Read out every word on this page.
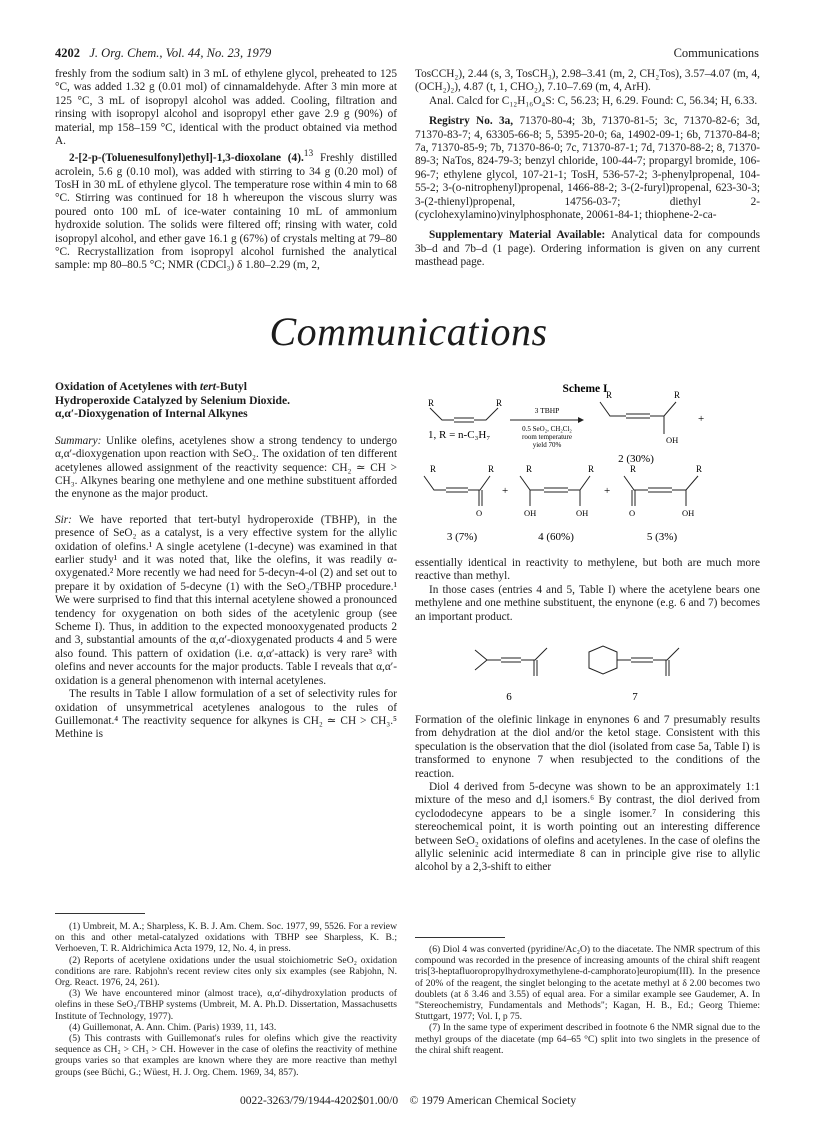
4202 J. Org. Chem., Vol. 44, No. 23, 1979	Communications

freshly from the sodium salt) in 3 mL of ethylene glycol, preheated to 125 °C, was added 1.32 g (0.01 mol) of cinnamaldehyde. After 3 min more at 125 °C, 3 mL of isopropyl alcohol was added. Cooling, filtration and rinsing with isopropyl alcohol and isopropyl ether gave 2.9 g (90%) of material, mp 158–159 °C, identical with the product obtained via method A.

2-[2-p-(Toluenesulfonyl)ethyl]-1,3-dioxolane (4).$^{13}$ Freshly distilled acrolein, 5.6 g (0.10 mol), was added with stirring to 34 g (0.20 mol) of TosH in 30 mL of ethylene glycol. The temperature rose within 4 min to 68 °C. Stirring was continued for 18 h whereupon the viscous slurry was poured onto 100 mL of ice-water containing 10 mL of ammonium hydroxide solution. The solids were filtered off; rinsing with water, cold isopropyl alcohol, and ether gave 16.1 g (67%) of crystals melting at 79–80 °C. Recrystallization from isopropyl alcohol furnished the analytical sample: mp 80–80.5 °C; NMR (CDCl₃) δ 1.80–2.29 (m, 2,

TosCCH₂), 2.44 (s, 3, TosCH₃), 2.98–3.41 (m, 2, CH₂Tos), 3.57–4.07 (m, 4, (OCH₂)₂), 4.87 (t, 1, CHO₂), 7.10–7.69 (m, 4, ArH).

Anal. Calcd for C₁₂H₁₆O₄S: C, 56.23; H, 6.29. Found: C, 56.34; H, 6.33.

Registry No. 3a, 71370-80-4; 3b, 71370-81-5; 3c, 71370-82-6; 3d, 71370-83-7; 4, 63305-66-8; 5, 5395-20-0; 6a, 14902-09-1; 6b, 71370-84-8; 7a, 71370-85-9; 7b, 71370-86-0; 7c, 71370-87-1; 7d, 71370-88-2; 8, 71370-89-3; NaTos, 824-79-3; benzyl chloride, 100-44-7; propargyl bromide, 106-96-7; ethylene glycol, 107-21-1; TosH, 536-57-2; 3-phenylpropenal, 104-55-2; 3-(o-nitrophenyl)propenal, 1466-88-2; 3-(2-furyl)propenal, 623-30-3; 3-(2-thienyl)propenal, 14756-03-7; diethyl 2-(cyclohexylamino)vinylphosphonate, 20061-84-1; thiophene-2-ca-

Supplementary Material Available: Analytical data for compounds 3b–d and 7b–d (1 page). Ordering information is given on any current masthead page.

Communications
Oxidation of Acetylenes with tert-Butyl
Hydroperoxide Catalyzed by Selenium Dioxide.
α,α′-Dioxygenation of Internal Alkynes

Summary: Unlike olefins, acetylenes show a strong tendency to undergo α,α′-dioxygenation upon reaction with SeO₂. The oxidation of ten different acetylenes allowed assignment of the reactivity sequence: CH₂ ≃ CH > CH₃. Alkynes bearing one methylene and one methine substituent afforded the enynone as the major product.

Sir: We have reported that tert-butyl hydroperoxide (TBHP), in the presence of SeO₂ as a catalyst, is a very effective system for the allylic oxidation of olefins.¹ A single acetylene (1-decyne) was examined in that earlier study¹ and it was noted that, like the olefins, it was readily α-oxygenated.² More recently we had need for 5-decyn-4-ol (2) and set out to prepare it by oxidation of 5-decyne (1) with the SeO₂/TBHP procedure.¹ We were surprised to find that this internal acetylene showed a pronounced tendency for oxygenation on both sides of the acetylenic group (see Scheme I). Thus, in addition to the expected monooxygenated products 2 and 3, substantial amounts of the α,α′-dioxygenated products 4 and 5 were also found. This pattern of oxidation (i.e. α,α′-attack) is very rare³ with olefins and never accounts for the major products. Table I reveals that α,α′-oxidation is a general phenomenon with internal acetylenes.

The results in Table I allow formulation of a set of selectivity rules for oxidation of unsymmetrical acetylenes analogous to the rules of Guillemonat.⁴ The reactivity sequence for alkynes is CH₂ ≃ CH > CH₃.⁵ Methine is

Scheme I
R	R
1, R = n-C₃H₇
3 TBHP
0.5 SeO₂, CH₂Cl₂
room temperature
yield 70%
R	R
OH
+
2 (30%)
R	R
O
+
3 (7%)
R	R
OH	OH
+
4 (60%)
R	R
O	OH
5 (3%)

essentially identical in reactivity to methylene, but both are much more reactive than methyl.

In those cases (entries 4 and 5, Table I) where the acetylene bears one methylene and one methine substituent, the enynone (e.g. 6 and 7) becomes an important product.

6	7

Formation of the olefinic linkage in enynones 6 and 7 presumably results from dehydration at the diol and/or the ketol stage. Consistent with this speculation is the observation that the diol (isolated from case 5a, Table I) is transformed to enynone 7 when resubjected to the conditions of the reaction.

Diol 4 derived from 5-decyne was shown to be an approximately 1:1 mixture of the meso and d,l isomers.⁶ By contrast, the diol derived from cyclododecyne appears to be a single isomer.⁷ In considering this stereochemical point, it is worth pointing out an interesting difference between SeO₂ oxidations of olefins and acetylenes. In the case of olefins the allylic seleninic acid intermediate 8 can in principle give rise to allylic alcohol by a 2,3-shift to either

(1) Umbreit, M. A.; Sharpless, K. B. J. Am. Chem. Soc. 1977, 99, 5526. For a review on this and other metal-catalyzed oxidations with TBHP see Sharpless, K. B.; Verhoeven, T. R. Aldrichimica Acta 1979, 12, No. 4, in press.

(2) Reports of acetylene oxidations under the usual stoichiometric SeO₂ oxidation conditions are rare. Rabjohn's recent review cites only six examples (see Rabjohn, N. Org. React. 1976, 24, 261).

(3) We have encountered minor (almost trace), α,α′-dihydroxylation products of olefins in these SeO₂/TBHP systems (Umbreit, M. A. Ph.D. Dissertation, Massachusetts Institute of Technology, 1977).

(4) Guillemonat, A. Ann. Chim. (Paris) 1939, 11, 143.

(5) This contrasts with Guillemonat's rules for olefins which give the reactivity sequence as CH₂ > CH₃ > CH. However in the case of olefins the reactivity of methine groups varies so that examples are known where they are more reactive than methyl groups (see Büchi, G.; Wüest, H. J. Org. Chem. 1969, 34, 857).

(6) Diol 4 was converted (pyridine/Ac₂O) to the diacetate. The NMR spectrum of this compound was recorded in the presence of increasing amounts of the chiral shift reagent tris[3-heptafluoropropylhydroxymethylene-d-camphorato]europium(III). In the presence of 20% of the reagent, the singlet belonging to the acetate methyl at δ 2.00 becomes two doublets (at δ 3.46 and 3.55) of equal area. For a similar example see Gaudemer, A. In "Stereochemistry, Fundamentals and Methods"; Kagan, H. B., Ed.; Georg Thieme: Stuttgart, 1977; Vol. I, p 75.

(7) In the same type of experiment described in footnote 6 the NMR signal due to the methyl groups of the diacetate (mp 64–65 °C) split into two singlets in the presence of the chiral shift reagent.

0022-3263/79/1944-4202$01.00/0 © 1979 American Chemical Society
